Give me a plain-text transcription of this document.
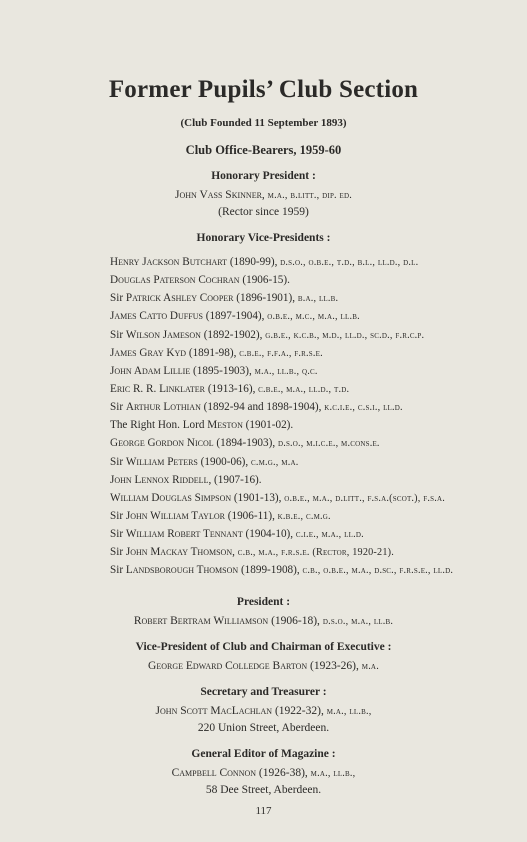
Former Pupils’ Club Section
(Club Founded 11 September 1893)
Club Office-Bearers, 1959-60
Honorary President :
John Vass Skinner, m.a., b.litt., dip. ed.
(Rector since 1959)
Honorary Vice-Presidents :
Henry Jackson Butchart (1890-99), d.s.o., o.b.e., t.d., b.l., ll.d., d.l.
Douglas Paterson Cochran (1906-15).
Sir Patrick Ashley Cooper (1896-1901), b.a., ll.b.
James Catto Duffus (1897-1904), o.b.e., m.c., m.a., ll.b.
Sir Wilson Jameson (1892-1902), g.b.e., k.c.b., m.d., ll.d., sc.d., f.r.c.p.
James Gray Kyd (1891-98), c.b.e., f.f.a., f.r.s.e.
John Adam Lillie (1895-1903), m.a., ll.b., q.c.
Eric R. R. Linklater (1913-16), c.b.e., m.a., ll.d., t.d.
Sir Arthur Lothian (1892-94 and 1898-1904), k.c.i.e., c.s.i., ll.d.
The Right Hon. Lord Meston (1901-02).
George Gordon Nicol (1894-1903), d.s.o., m.i.c.e., m.cons.e.
Sir William Peters (1900-06), c.m.g., m.a.
John Lennox Riddell, (1907-16).
William Douglas Simpson (1901-13), o.b.e., m.a., d.litt., f.s.a.(scot.), f.s.a.
Sir John William Taylor (1906-11), k.b.e., c.m.g.
Sir William Robert Tennant (1904-10), c.i.e., m.a., ll.d.
Sir John Mackay Thomson, c.b., m.a., f.r.s.e. (Rector, 1920-21).
Sir Landsborough Thomson (1899-1908), c.b., o.b.e., m.a., d.sc., f.r.s.e., ll.d.
President :
Robert Bertram Williamson (1906-18), d.s.o., m.a., ll.b.
Vice-President of Club and Chairman of Executive :
George Edward Colledge Barton (1923-26), m.a.
Secretary and Treasurer :
John Scott MacLachlan (1922-32), m.a., ll.b.,
220 Union Street, Aberdeen.
General Editor of Magazine :
Campbell Connon (1926-38), m.a., ll.b.,
58 Dee Street, Aberdeen.
117
